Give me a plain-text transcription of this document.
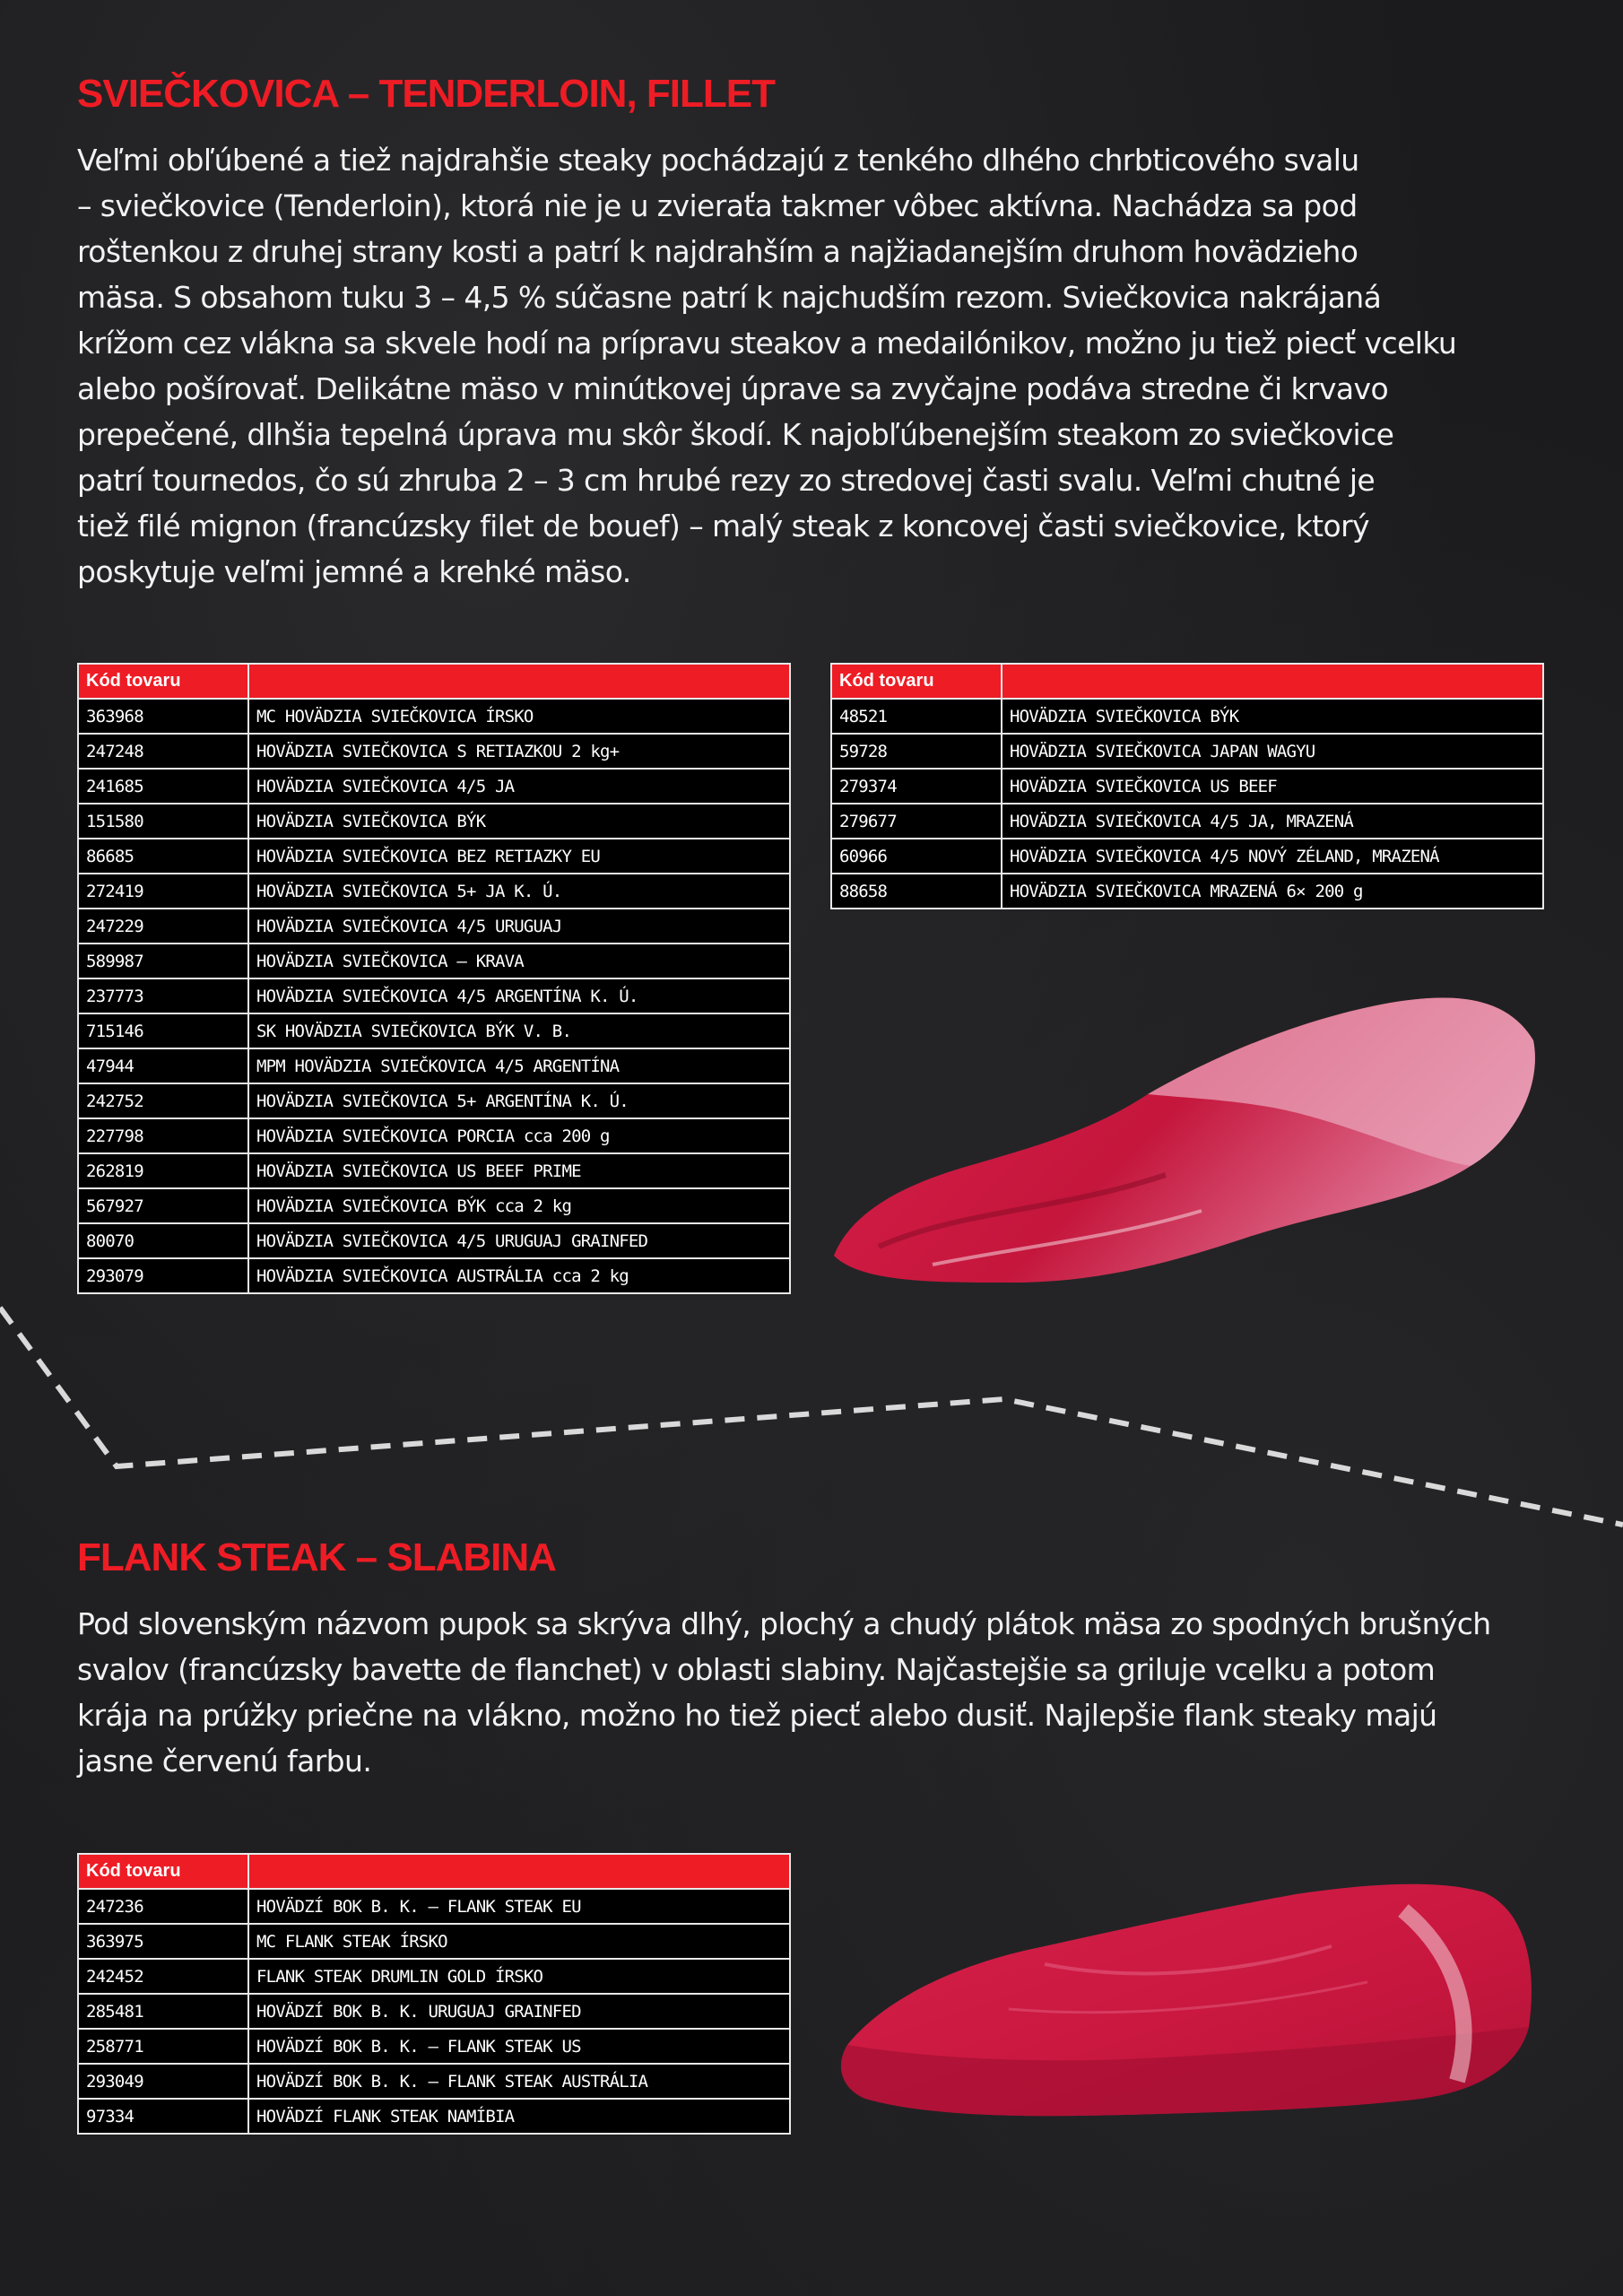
SVIEČKOVICA – TENDERLOIN, FILLET
Veľmi obľúbené a tiež najdrahšie steaky pochádzajú z tenkého dlhého chrbticového svalu
– sviečkovice (Tenderloin), ktorá nie je u zvieraťa takmer vôbec aktívna. Nachádza sa pod
roštenkou z druhej strany kosti a patrí k najdrahším a najžiadanejším druhom hovädzieho
mäsa. S obsahom tuku 3 – 4,5 % súčasne patrí k najchudším rezom. Sviečkovica nakrájaná
krížom cez vlákna sa skvele hodí na prípravu steakov a medailónikov, možno ju tiež piecť vcelku
alebo pošírovať. Delikátne mäso v minútkovej úprave sa zvyčajne podáva stredne či krvavo
prepečené, dlhšia tepelná úprava mu skôr škodí. K najobľúbenejším steakom zo sviečkovice
patrí tournedos, čo sú zhruba 2 – 3 cm hrubé rezy zo stredovej časti svalu. Veľmi chutné je
tiež filé mignon (francúzsky filet de bouef) – malý steak z koncovej časti sviečkovice, ktorý
poskytuje veľmi jemné a krehké mäso.
Kód tovaru	
363968	MC HOVÄDZIA SVIEČKOVICA ÍRSKO
247248	HOVÄDZIA SVIEČKOVICA S RETIAZKOU 2 kg+
241685	HOVÄDZIA SVIEČKOVICA 4/5 JA
151580	HOVÄDZIA SVIEČKOVICA BÝK
86685	HOVÄDZIA SVIEČKOVICA BEZ RETIAZKY EU
272419	HOVÄDZIA SVIEČKOVICA 5+ JA K. Ú.
247229	HOVÄDZIA SVIEČKOVICA 4/5 URUGUAJ
589987	HOVÄDZIA SVIEČKOVICA – KRAVA
237773	HOVÄDZIA SVIEČKOVICA 4/5 ARGENTÍNA K. Ú.
715146	SK HOVÄDZIA SVIEČKOVICA BÝK V. B.
47944	MPM HOVÄDZIA SVIEČKOVICA 4/5 ARGENTÍNA
242752	HOVÄDZIA SVIEČKOVICA 5+ ARGENTÍNA K. Ú.
227798	HOVÄDZIA SVIEČKOVICA PORCIA cca 200 g
262819	HOVÄDZIA SVIEČKOVICA US BEEF PRIME
567927	HOVÄDZIA SVIEČKOVICA BÝK cca 2 kg
80070	HOVÄDZIA SVIEČKOVICA 4/5 URUGUAJ GRAINFED
293079	HOVÄDZIA SVIEČKOVICA AUSTRÁLIA cca 2 kg
Kód tovaru	
48521	HOVÄDZIA SVIEČKOVICA BÝK
59728	HOVÄDZIA SVIEČKOVICA JAPAN WAGYU
279374	HOVÄDZIA SVIEČKOVICA US BEEF
279677	HOVÄDZIA SVIEČKOVICA 4/5 JA, MRAZENÁ
60966	HOVÄDZIA SVIEČKOVICA 4/5 NOVÝ ZÉLAND, MRAZENÁ
88658	HOVÄDZIA SVIEČKOVICA MRAZENÁ 6× 200 g
FLANK STEAK – SLABINA
Pod slovenským názvom pupok sa skrýva dlhý, plochý a chudý plátok mäsa zo spodných brušných
svalov (francúzsky bavette de flanchet) v oblasti slabiny. Najčastejšie sa griluje vcelku a potom
krája na prúžky priečne na vlákno, možno ho tiež piecť alebo dusiť. Najlepšie flank steaky majú
jasne červenú farbu.
Kód tovaru	
247236	HOVÄDZÍ BOK B. K. – FLANK STEAK EU
363975	MC FLANK STEAK ÍRSKO
242452	FLANK STEAK DRUMLIN GOLD ÍRSKO
285481	HOVÄDZÍ BOK B. K. URUGUAJ GRAINFED
258771	HOVÄDZÍ BOK B. K. – FLANK STEAK US
293049	HOVÄDZÍ BOK B. K. – FLANK STEAK AUSTRÁLIA
97334	HOVÄDZÍ FLANK STEAK NAMÍBIA
